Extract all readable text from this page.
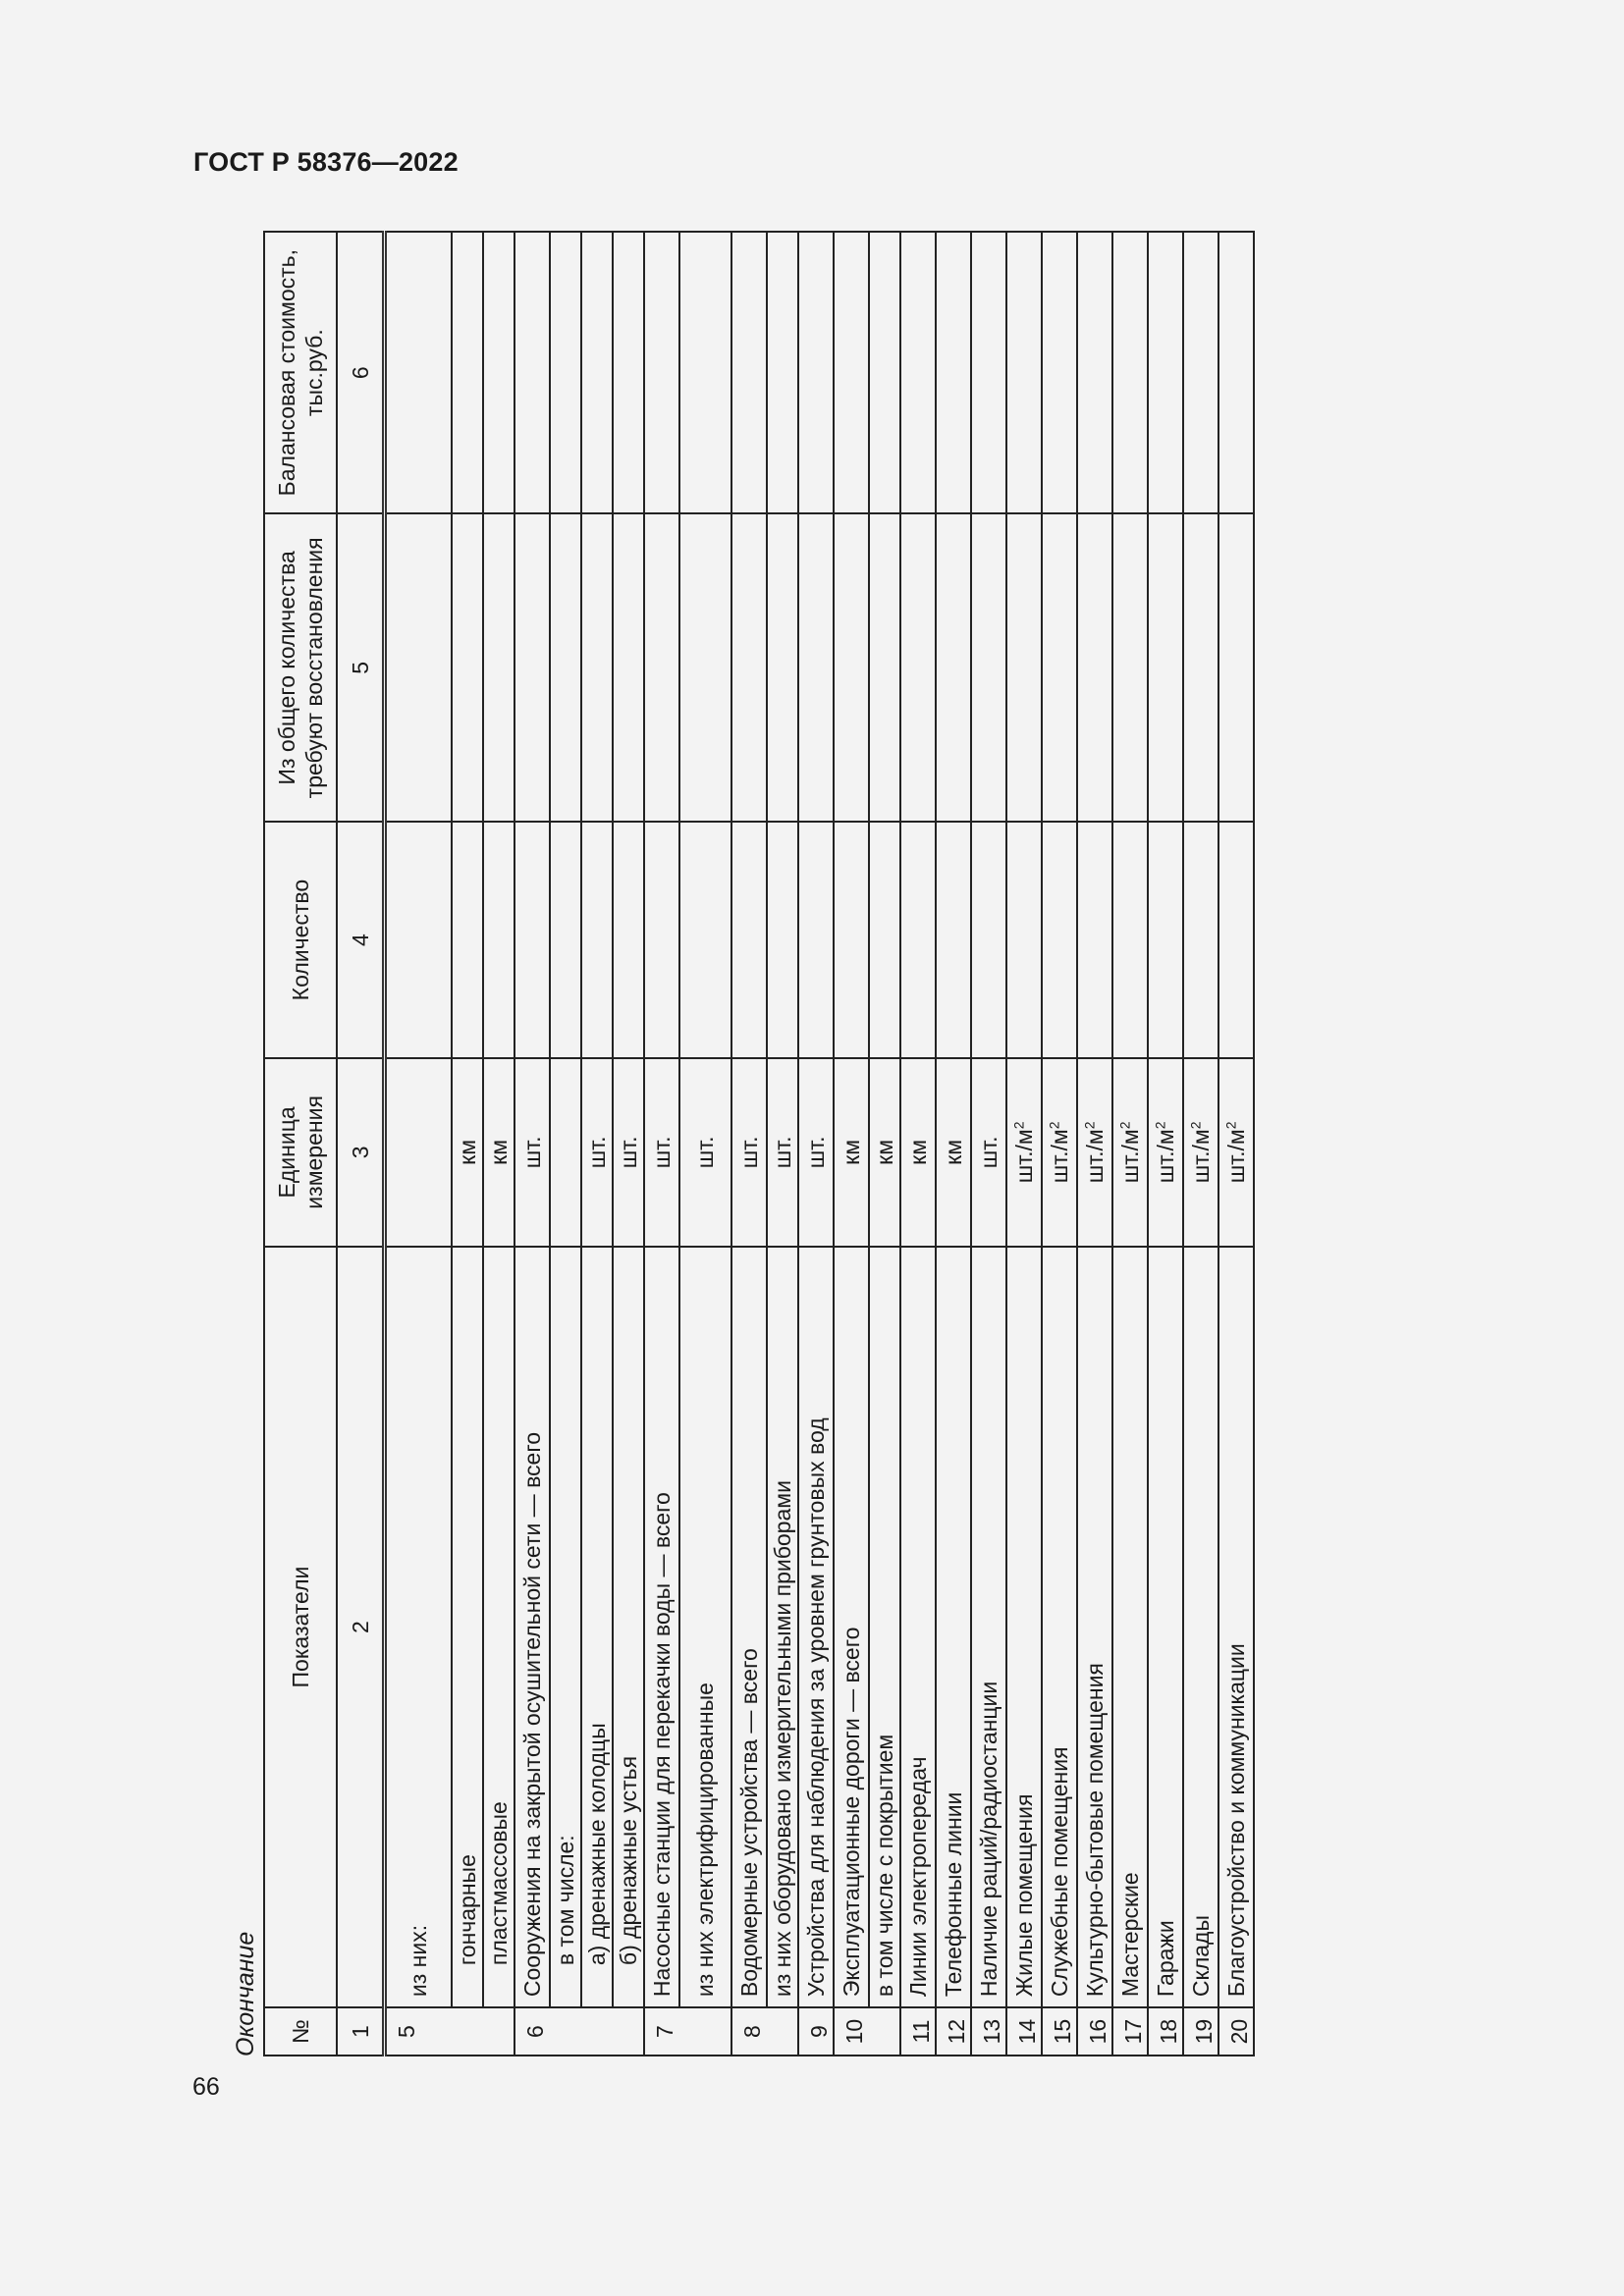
ГОСТ Р 58376—2022
66
Окончание №	Показатели	Единица измерения	Количество	Из общего количества требуют восстановления	Балансовая стоимость, тыс.руб.
1	2	3	4	5	6
5	из них:				
	гончарные	км			
	пластмассовые	км			
6	Сооружения на закрытой осушительной сети — всего	шт.			
	в том числе:				
	а) дренажные колодцы	шт.			
	б) дренажные устья	шт.			
7	Насосные станции для перекачки воды — всего	шт.			
	из них электрифицированные	шт.			
8	Водомерные устройства — всего	шт.			
	из них оборудовано измерительными приборами	шт.			
9	Устройства для наблюдения за уровнем грунтовых вод	шт.			
10	Эксплуатационные дороги — всего	км			
	в том числе с покрытием	км			
11	Линии электропередач	км			
12	Телефонные линии	км			
13	Наличие раций/радиостанции	шт.			
14	Жилые помещения	$шт./м^2$			
15	Служебные помещения	$шт./м^2$			
16	Культурно-бытовые помещения	$шт./м^2$			
17	Мастерские	$шт./м^2$			
18	Гаражи	$шт./м^2$			
19	Склады	$шт./м^2$			
20	Благоустройство и коммуникации	$шт./м^2$			
